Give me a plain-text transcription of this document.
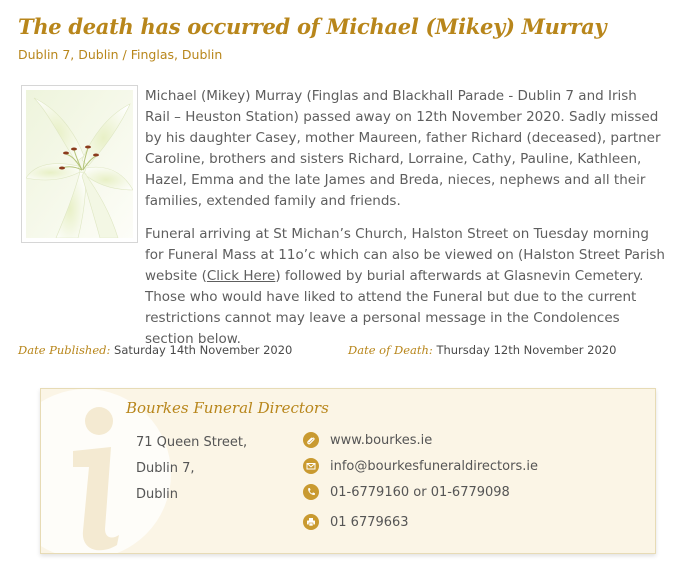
The death has occurred of Michael (Mikey) Murray
Dublin 7, Dublin / Finglas, Dublin

Michael (Mikey) Murray (Finglas and Blackhall Parade - Dublin 7 and Irish Rail – Heuston Station) passed away on 12th November 2020. Sadly missed by his daughter Casey, mother Maureen, father Richard (deceased), partner Caroline, brothers and sisters Richard, Lorraine, Cathy, Pauline, Kathleen, Hazel, Emma and the late James and Breda, nieces, nephews and all their families, extended family and friends.

Funeral arriving at St Michan’s Church, Halston Street on Tuesday morning for Funeral Mass at 11o’c which can also be viewed on (Halston Street Parish website (Click Here) followed by burial afterwards at Glasnevin Cemetery. Those who would have liked to attend the Funeral but due to the current restrictions cannot may leave a personal message in the Condolences section below.

Date Published: Saturday 14th November 2020	Date of Death: Thursday 12th November 2020
Bourkes Funeral Directors
71 Queen Street,
Dublin 7,
Dublin
www.bourkes.ie
info@bourkesfuneraldirectors.ie
01-6779160 or 01-6779098
01 6779663
